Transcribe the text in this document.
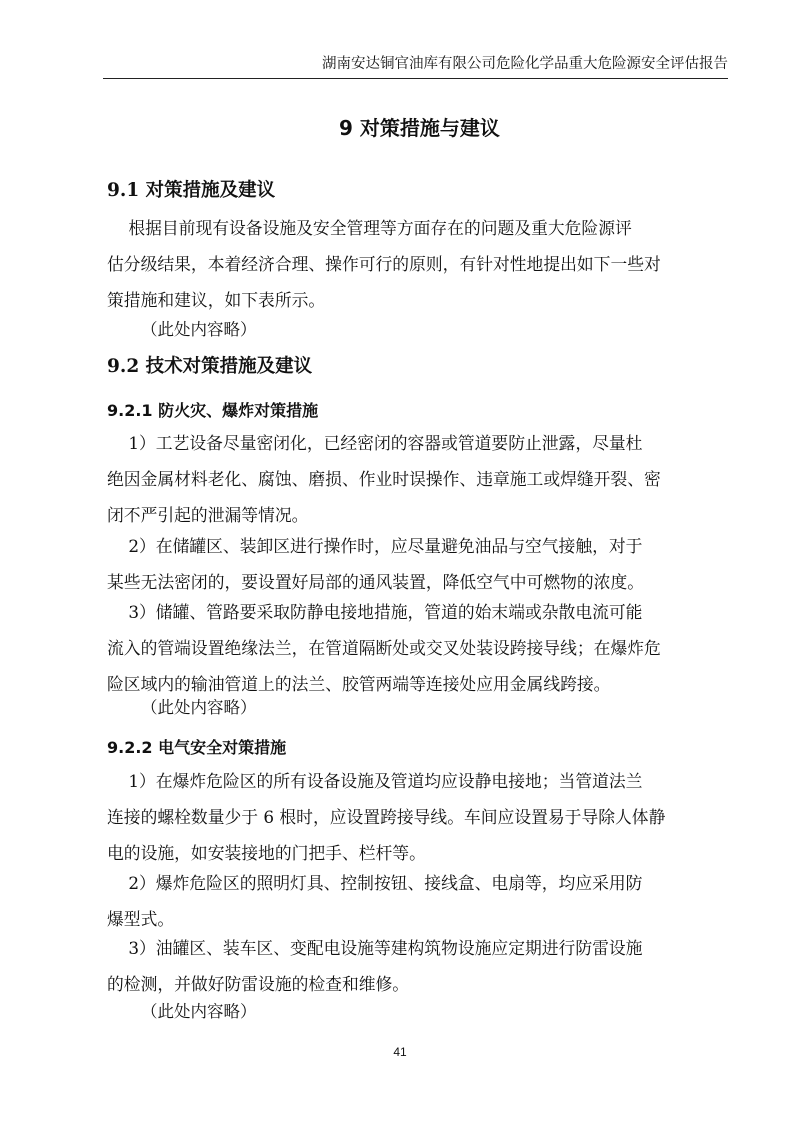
湖南安达铜官油库有限公司危险化学品重大危险源安全评估报告
9 对策措施与建议
9.1 对策措施及建议
根据目前现有设备设施及安全管理等方面存在的问题及重大危险源评
估分级结果，本着经济合理、操作可行的原则，有针对性地提出如下一些对
策措施和建议，如下表所示。
（此处内容略）
9.2 技术对策措施及建议
9.2.1 防火灾、爆炸对策措施
1）工艺设备尽量密闭化，已经密闭的容器或管道要防止泄露，尽量杜
绝因金属材料老化、腐蚀、磨损、作业时误操作、违章施工或焊缝开裂、密
闭不严引起的泄漏等情况。
2）在储罐区、装卸区进行操作时，应尽量避免油品与空气接触，对于
某些无法密闭的，要设置好局部的通风装置，降低空气中可燃物的浓度。
3）储罐、管路要采取防静电接地措施，管道的始末端或杂散电流可能
流入的管端设置绝缘法兰，在管道隔断处或交叉处装设跨接导线；在爆炸危
险区域内的输油管道上的法兰、胶管两端等连接处应用金属线跨接。
（此处内容略）
9.2.2 电气安全对策措施
1）在爆炸危险区的所有设备设施及管道均应设静电接地；当管道法兰
连接的螺栓数量少于 6 根时，应设置跨接导线。车间应设置易于导除人体静
电的设施，如安装接地的门把手、栏杆等。
2）爆炸危险区的照明灯具、控制按钮、接线盒、电扇等，均应采用防
爆型式。
3）油罐区、装车区、变配电设施等建构筑物设施应定期进行防雷设施
的检测，并做好防雷设施的检查和维修。
（此处内容略）
41
